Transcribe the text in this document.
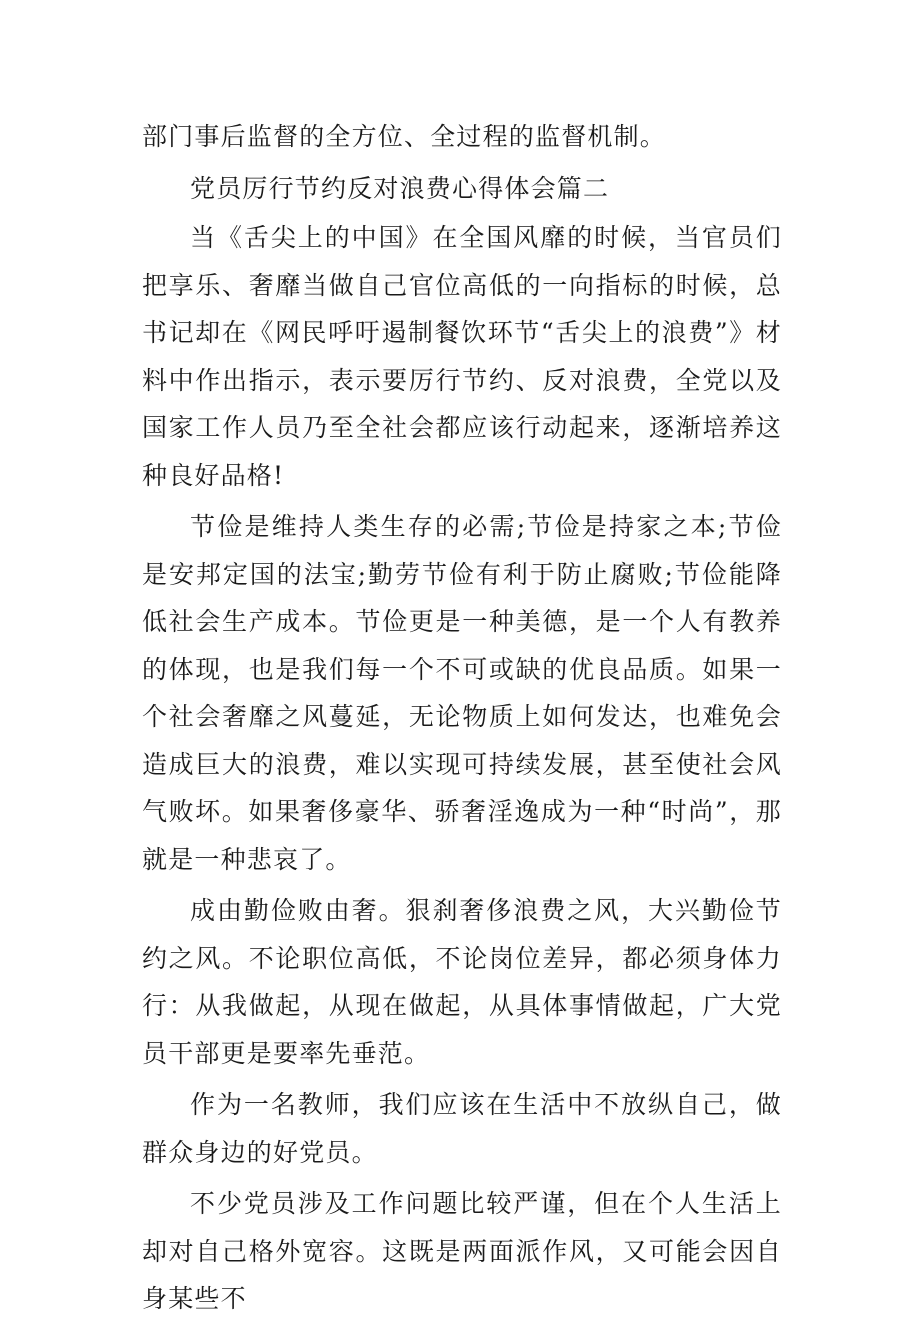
部门事后监督的全方位、全过程的监督机制。

党员厉行节约反对浪费心得体会篇二

当《舌尖上的中国》在全国风靡的时候，当官员们把享乐、奢靡当做自己官位高低的一向指标的时候，总书记却在《网民呼吁遏制餐饮环节“舌尖上的浪费”》材料中作出指示，表示要厉行节约、反对浪费，全党以及国家工作人员乃至全社会都应该行动起来，逐渐培养这种良好品格!

节俭是维持人类生存的必需;节俭是持家之本;节俭是安邦定国的法宝;勤劳节俭有利于防止腐败;节俭能降低社会生产成本。节俭更是一种美德，是一个人有教养的体现，也是我们每一个不可或缺的优良品质。如果一个社会奢靡之风蔓延，无论物质上如何发达，也难免会造成巨大的浪费，难以实现可持续发展，甚至使社会风气败坏。如果奢侈豪华、骄奢淫逸成为一种“时尚”，那就是一种悲哀了。

成由勤俭败由奢。狠刹奢侈浪费之风，大兴勤俭节约之风。不论职位高低，不论岗位差异，都必须身体力行：从我做起，从现在做起，从具体事情做起，广大党员干部更是要率先垂范。

作为一名教师，我们应该在生活中不放纵自己，做群众身边的好党员。

不少党员涉及工作问题比较严谨，但在个人生活上却对自己格外宽容。这既是两面派作风，又可能会因自身某些不
